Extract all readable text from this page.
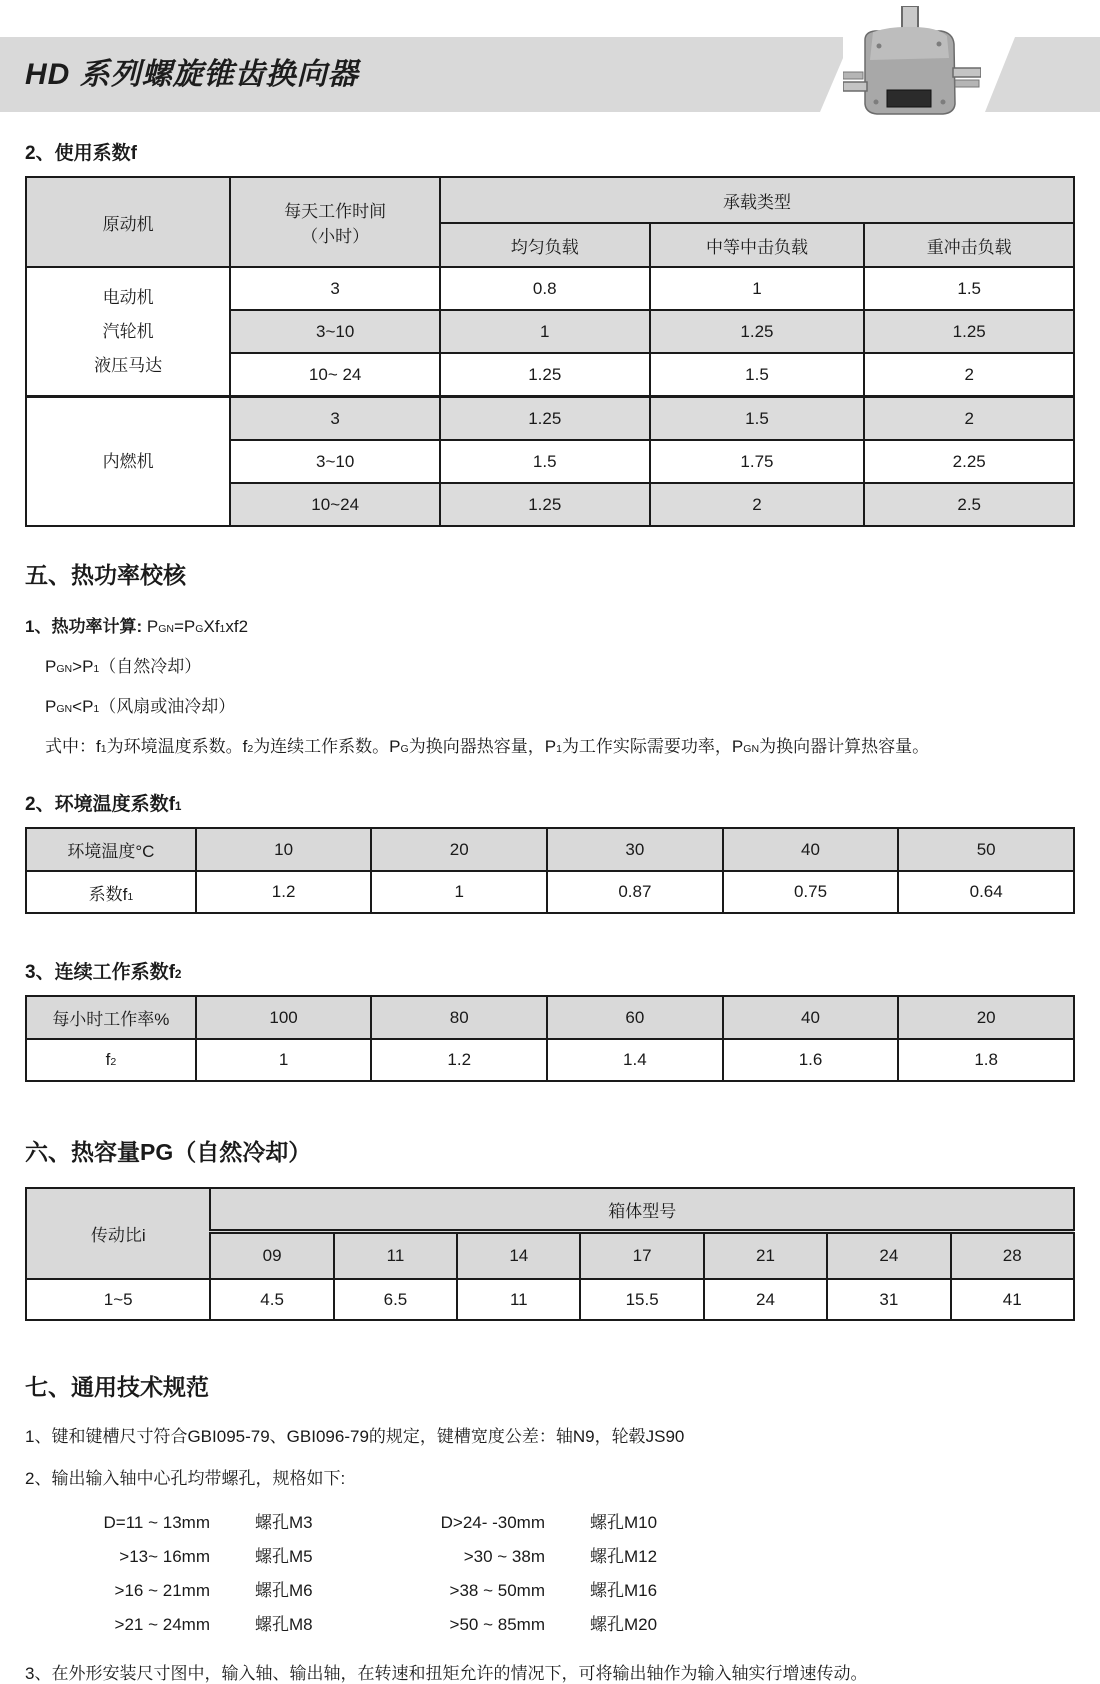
HD 系列螺旋锥齿换向器
2、使用系数f
原动机	每天工作时间
（小时）	承载类型		
		均匀负载	中等中击负载	重冲击负载

电动机
汽轮机
液压马达	3	0.8	1	1.5
	3~10	1	1.25	1.25
	10~ 24	1.25	1.5	2
内燃机	3	1.25	1.5	2
	3~10	1.5	1.75	2.25
	10~24	1.25	2	2.5
五、热功率校核
1、热功率计算: PGN=PGXf1xf2
PGN>P1（自然冷却）
PGN<P1（风扇或油冷却）
式中：f1为环境温度系数。f2为连续工作系数。PG为换向器热容量，P1为工作实际需要功率，PGN为换向器计算热容量。
2、环境温度系数f1
环境温度°C	10	20	30	40	50
系数f1	1.2	1	0.87	0.75	0.64
3、连续工作系数f2
每小时工作率%	100	80	60	40	20
f2	1	1.2	1.4	1.6	1.8
六、热容量PG（自然冷却）
传动比i	箱体型号						
	09	11	14	17	21	24	28
1~5	4.5	6.5	11	15.5	24	31	41
七、通用技术规范
1、键和键槽尺寸符合GBI095-79、GBI096-79的规定，键槽宽度公差：轴N9，轮毂JS90
2、输出输入轴中心孔均带螺孔，规格如下:
D=11 ~ 13mm	螺孔M3	D>24- -30mm	螺孔M10
>13~ 16mm	螺孔M5	>30 ~ 38m	螺孔M12
>16 ~ 21mm	螺孔M6	>38 ~ 50mm	螺孔M16
>21 ~ 24mm	螺孔M8	>50 ~ 85mm	螺孔M20
3、在外形安装尺寸图中，输入轴、输出轴，在转速和扭矩允许的情况下，可将输出轴作为输入轴实行增速传动。
